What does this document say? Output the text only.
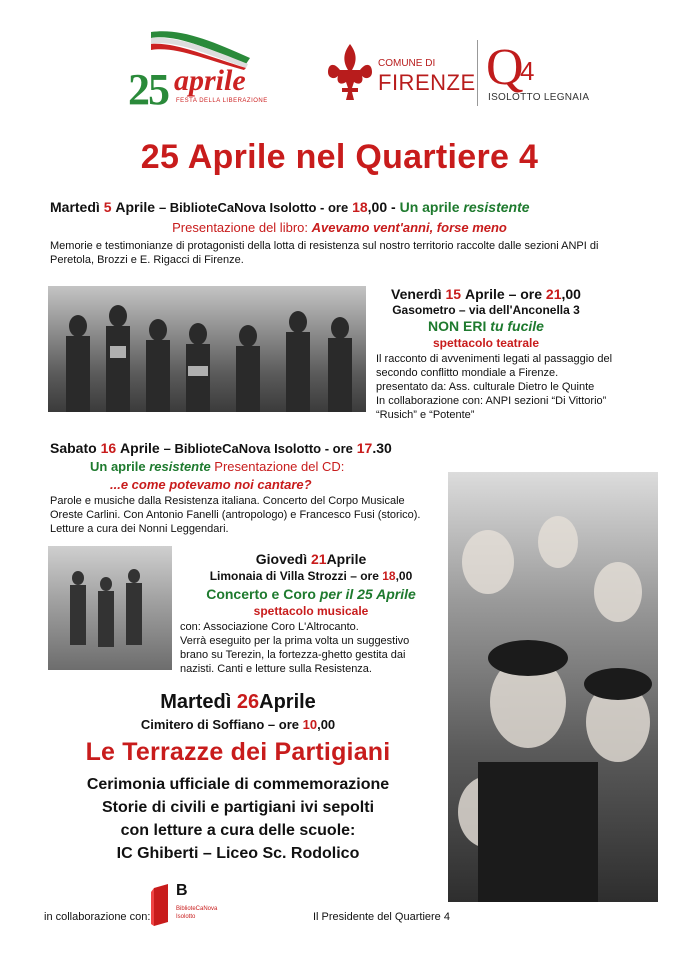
25 aprile
FESTA DELLA LIBERAZIONE
COMUNE DI
FIRENZE Q
4
ISOLOTTO LEGNAIA
25 Aprile nel Quartiere 4
Martedì 5 Aprile – BiblioteCaNova Isolotto - ore 18,00 - Un aprile resistente
Presentazione del libro: Avevamo vent'anni, forse meno
Memorie e testimonianze di protagonisti della lotta di resistenza sul nostro territorio raccolte dalle sezioni ANPI di
Peretola, Brozzi e E. Rigacci di Firenze.
Venerdì 15 Aprile – ore 21,00
Gasometro – via dell'Anconella 3
NON ERI tu fucile
spettacolo teatrale
Il racconto di avvenimenti legati al passaggio del
secondo conflitto mondiale a Firenze.
presentato da: Ass. culturale Dietro le Quinte
In collaborazione con: ANPI sezioni “Di Vittorio”
“Rusich” e “Potente”
Sabato 16 Aprile – BiblioteCaNova Isolotto - ore 17.30
Un aprile resistente Presentazione del CD:
...e come potevamo noi cantare?
Parole e musiche dalla Resistenza italiana. Concerto del Corpo Musicale
Oreste Carlini. Con Antonio Fanelli (antropologo) e Francesco Fusi (storico).
Letture a cura dei Nonni Leggendari.
Giovedì 21Aprile
Limonaia di Villa Strozzi – ore 18,00
Concerto e Coro per il 25 Aprile
spettacolo musicale
con: Associazione Coro L'Altrocanto.
Verrà eseguito per la prima volta un suggestivo
brano su Terezin, la fortezza-ghetto gestita dai
nazisti. Canti e letture sulla Resistenza.
Martedì 26Aprile
Cimitero di Soffiano – ore 10,00
Le Terrazze dei Partigiani
Cerimonia ufficiale di commemorazione
Storie di civili e partigiani ivi sepolti
con letture a cura delle scuole:
IC Ghiberti – Liceo Sc. Rodolico
in collaborazione con:
B
BiblioteCaNova
Isolotto	Il Presidente del Quartiere 4
